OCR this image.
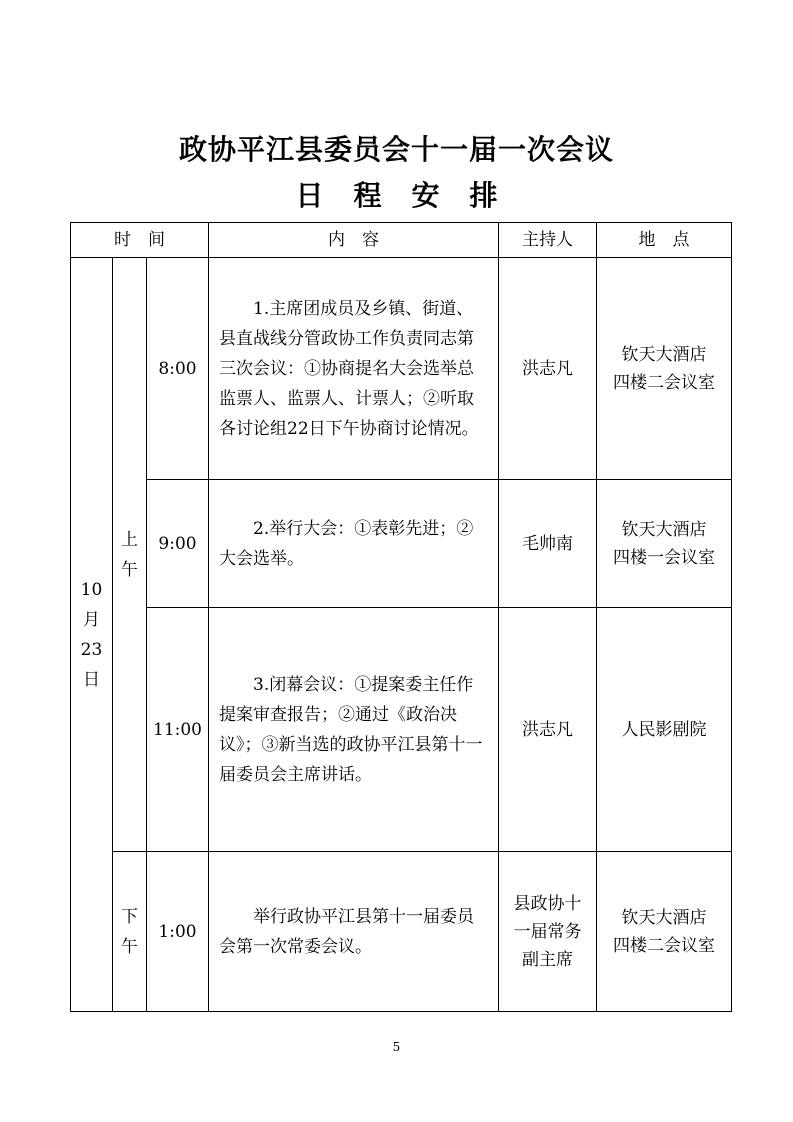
政协平江县委员会十一届一次会议
日程安排
时　间			内　容	主持人	地　点

10月23日	上午	8:00	1.主席团成员及乡镇、街道、县直战线分管政协工作负责同志第三次会议：①协商提名大会选举总监票人、监票人、计票人；②听取各讨论组22日下午协商讨论情况。	洪志凡	钦天大酒店
四楼二会议室

		9:00	2.举行大会：①表彰先进；②大会选举。	毛帅南	钦天大酒店
四楼一会议室

		11:00	3.闭幕会议：①提案委主任作提案审查报告；②通过《政治决议》；③新当选的政协平江县第十一届委员会主席讲话。	洪志凡	人民影剧院

	下午	1:00	举行政协平江县第十一届委员会第一次常委会议。	县政协十一届常务副主席	钦天大酒店
四楼二会议室
5
